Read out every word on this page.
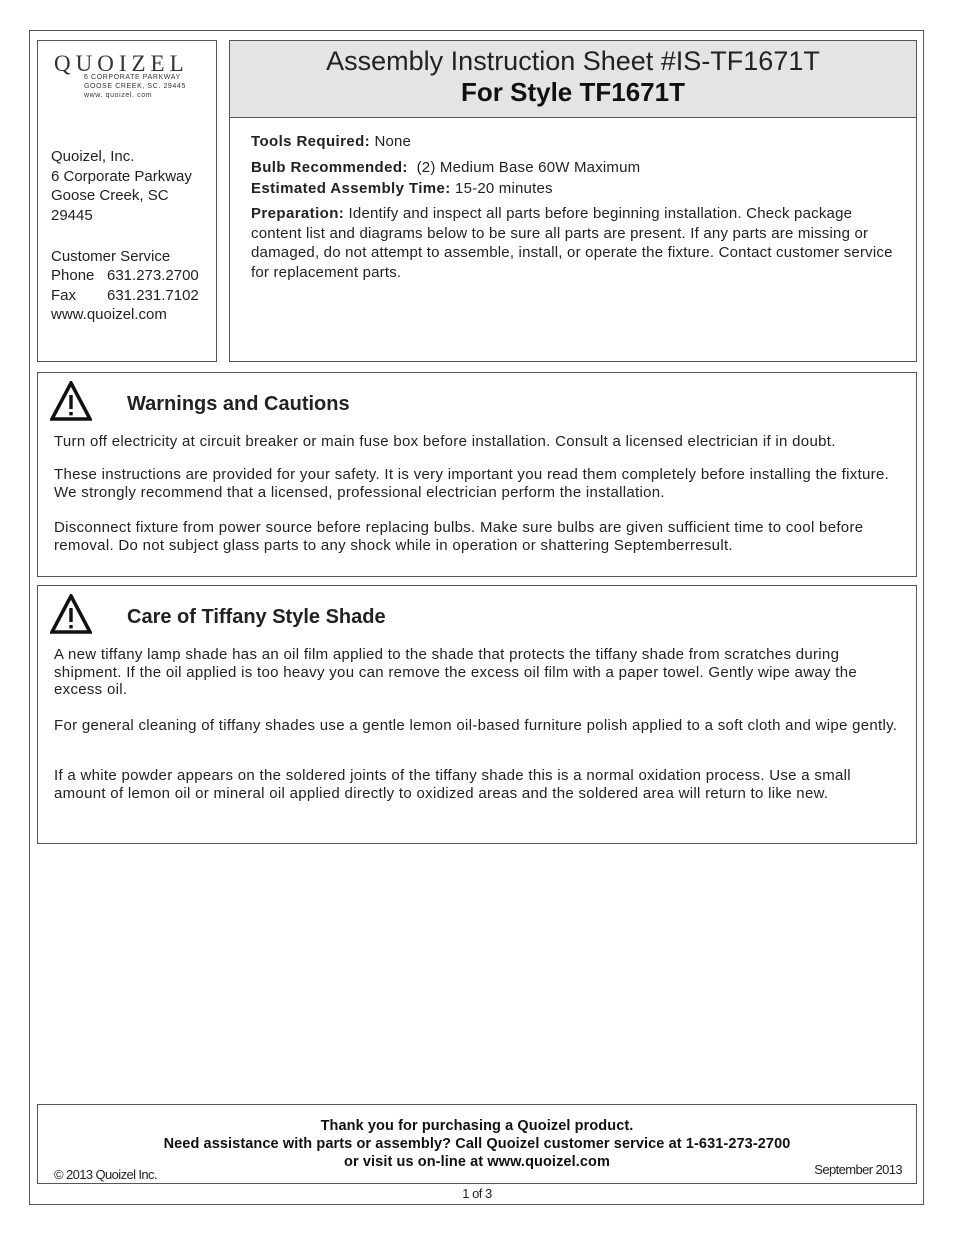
QUOIZEL
6 CORPORATE PARKWAY
GOOSE CREEK, SC. 29445
www. quoizel. com
Quoizel, Inc.
6 Corporate Parkway
Goose Creek, SC
29445
Customer Service
Phone 631.273.2700
Fax 631.231.7102
www.quoizel.com
Assembly Instruction Sheet #IS-TF1671T
For Style TF1671T
Tools Required: None
Bulb Recommended: (2) Medium Base 60W Maximum
Estimated Assembly Time: 15-20 minutes
Preparation: Identify and inspect all parts before beginning installation. Check package content list and diagrams below to be sure all parts are present. If any parts are missing or damaged, do not attempt to assemble, install, or operate the fixture. Contact customer service for replacement parts.
Warnings and Cautions
Turn off electricity at circuit breaker or main fuse box before installation. Consult a licensed electrician if in doubt.
These instructions are provided for your safety. It is very important you read them completely before installing the fixture. We strongly recommend that a licensed, professional electrician perform the installation.
Disconnect fixture from power source before replacing bulbs. Make sure bulbs are given sufficient time to cool before removal. Do not subject glass parts to any shock while in operation or shattering Septemberresult.
Care of Tiffany Style Shade
A new tiffany lamp shade has an oil film applied to the shade that protects the tiffany shade from scratches during shipment. If the oil applied is too heavy you can remove the excess oil film with a paper towel. Gently wipe away the excess oil.
For general cleaning of tiffany shades use a gentle lemon oil-based furniture polish applied to a soft cloth and wipe gently.
If a white powder appears on the soldered joints of the tiffany shade this is a normal oxidation process. Use a small amount of lemon oil or mineral oil applied directly to oxidized areas and the soldered area will return to like new.
Thank you for purchasing a Quoizel product.
Need assistance with parts or assembly? Call Quoizel customer service at 1-631-273-2700
or visit us on-line at www.quoizel.com
© 2013 Quoizel Inc.	September 2013
1 of 3
